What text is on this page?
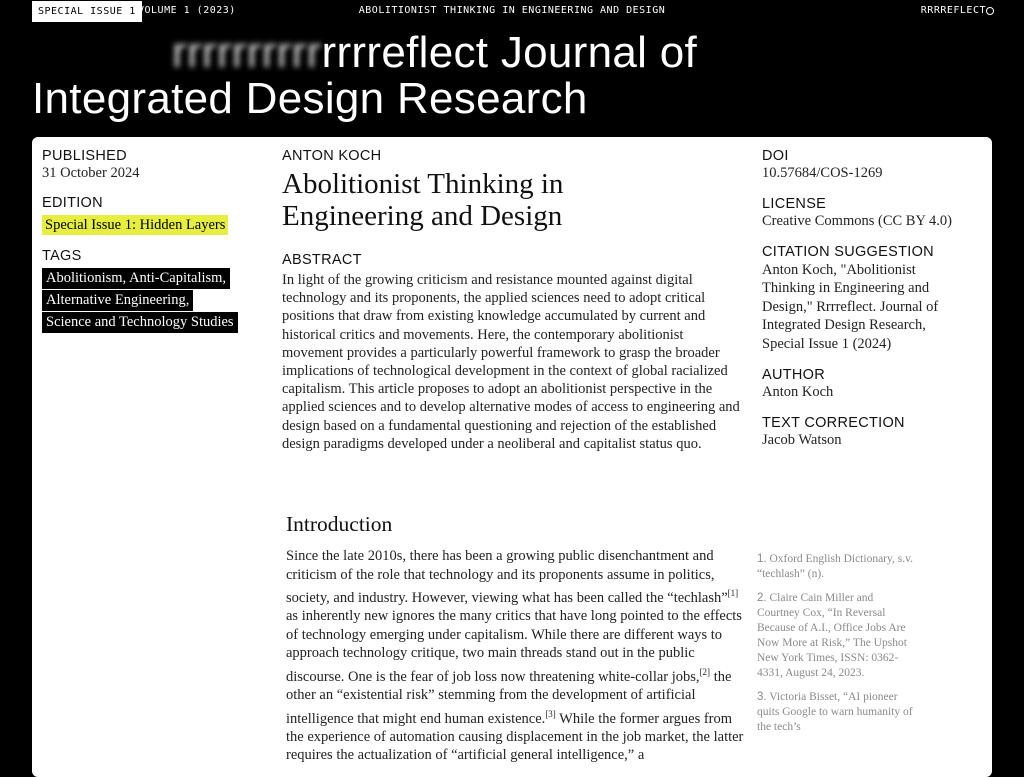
SPECIAL ISSUE 1 VOLUME 1 (2023)	ABOLITIONIST THINKING IN ENGINEERING AND DESIGN	RRRREFLECT
rrrrrrrrrrrrrreflect Journal of
Integrated Design Research
PUBLISHED
31 October 2024
EDITION
Special Issue 1: Hidden Layers
TAGS
Abolitionism, Anti-Capitalism,
Alternative Engineering,
Science and Technology Studies
ANTON KOCH
Abolitionist Thinking in Engineering and Design
ABSTRACT
In light of the growing criticism and resistance mounted against digital technology and its proponents, the applied sciences need to adopt critical positions that draw from existing knowledge accumulated by current and historical critics and movements. Here, the contemporary abolitionist movement provides a particularly powerful framework to grasp the broader implications of technological development in the context of global racialized capitalism. This article proposes to adopt an abolitionist perspective in the applied sciences and to develop alternative modes of access to engineering and design based on a fundamental questioning and rejection of the established design paradigms developed under a neoliberal and capitalist status quo.
DOI
10.57684/COS-1269
LICENSE
Creative Commons (CC BY 4.0)
CITATION SUGGESTION
Anton Koch, "Abolitionist Thinking in Engineering and Design," Rrrreflect. Journal of Integrated Design Research, Special Issue 1 (2024)
AUTHOR
Anton Koch
TEXT CORRECTION
Jacob Watson
Introduction
Since the late 2010s, there has been a growing public disenchantment and criticism of the role that technology and its proponents assume in politics, society, and industry. However, viewing what has been called the “techlash”[1] as inherently new ignores the many critics that have long pointed to the effects of technology emerging under capitalism. While there are different ways to approach technology critique, two main threads stand out in the public discourse. One is the fear of job loss now threatening white-collar jobs,[2] the other an “existential risk” stemming from the development of artificial intelligence that might end human existence.[3] While the former argues from the experience of automation causing displacement in the job market, the latter requires the actualization of “artificial general intelligence,” a
1. Oxford English Dictionary, s.v. “techlash” (n).
2. Claire Cain Miller and Courtney Cox, “In Reversal Because of A.I., Office Jobs Are Now More at Risk,” The Upshot New York Times, ISSN: 0362-4331, August 24, 2023.
3. Victoria Bisset, “AI pioneer quits Google to warn humanity of the tech’s
